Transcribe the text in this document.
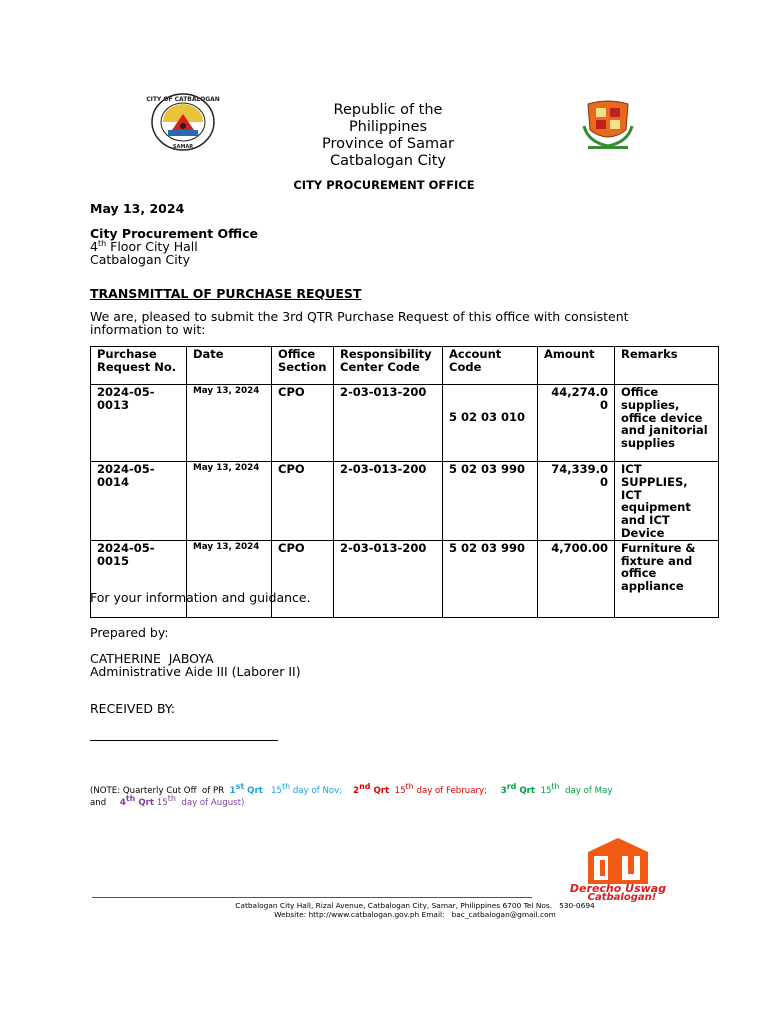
CITY OF CATBALOGAN
SAMAR
Republic of the Philippines
Province of Samar
Catbalogan City
CITY PROCUREMENT OFFICE
May 13, 2024
City Procurement Office
4th Floor City Hall
Catbalogan City
TRANSMITTAL OF PURCHASE REQUEST
We are, pleased to submit the 3rd QTR Purchase Request of this office with consistent
information to wit:
Purchase Request No.	Date	Office Section	Responsibility Center Code	Account Code	Amount	Remarks
2024-05-0013	May 13, 2024	CPO	2-03-013-200	5 02 03 010	44,274.00	Office supplies, office device and janitorial supplies
2024-05-0014	May 13, 2024	CPO	2-03-013-200	5 02 03 990	74,339.00	ICT SUPPLIES, ICT equipment and ICT Device
2024-05-0015	May 13, 2024	CPO	2-03-013-200	5 02 03 990	4,700.00	Furniture & fixture and office appliance
For your information and guidance.
Prepared by:
CATHERINE  JABOYA
Administrative Aide III (Laborer II)
RECEIVED BY:
(NOTE: Quarterly Cut Off  of PR  1st Qrt 15th day of Nov; 2nd Qrt 15th day of February; 3rd Qrt 15th  day of May
and 4th Qrt 15th  day of August)
Derecho Uswag
Catbalogan!
Catbalogan City Hall, Rizal Avenue, Catbalogan City, Samar, Philippines 6700 Tel Nos.   530-0694
Website: http://www.catbalogan.gov.ph Email:   bac_catbalogan@gmail.com
